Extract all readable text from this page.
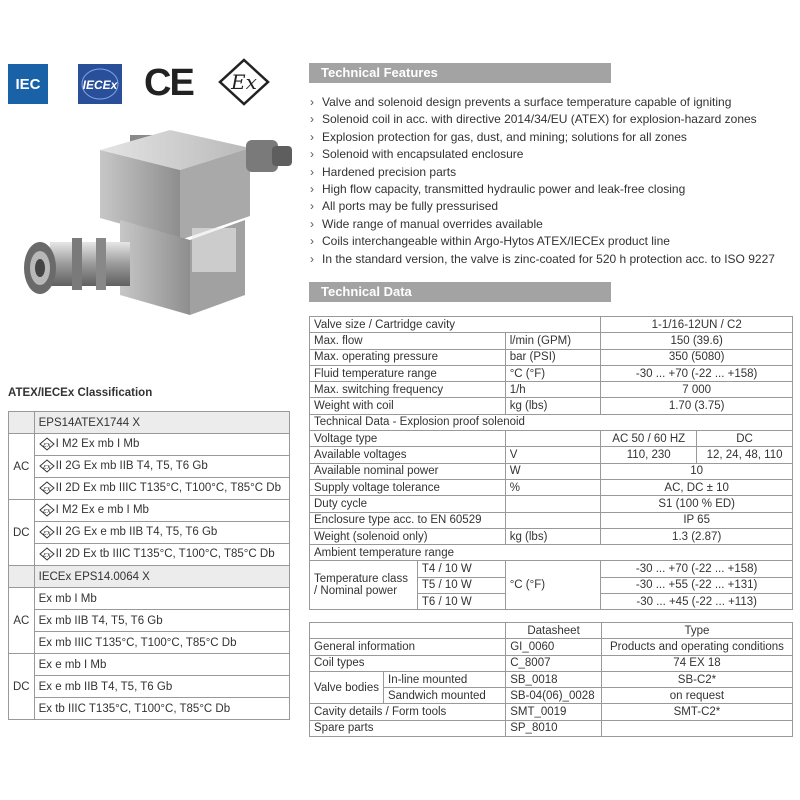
IEC	IECEx CE Ex	Technical Features
› Valve and solenoid design prevents a surface temperature capable of igniting
› Solenoid coil in acc. with directive 2014/34/EU (ATEX) for explosion-hazard zones
› Explosion protection for gas, dust, and mining; solutions for all zones
› Solenoid with encapsulated enclosure
› Hardened precision parts
› High flow capacity, transmitted hydraulic power and leak-free closing
› All ports may be fully pressurised
› Wide range of manual overrides available
› Coils interchangeable within Argo-Hytos ATEX/IECEx product line
› In the standard version, the valve is zinc-coated for 520 h protection acc. to ISO 9227
Technical Data
Valve size / Cartridge cavity			1-1/16-12UN / C2	
Max. flow		l/min (GPM)	150 (39.6)	
Max. operating pressure		bar (PSI)	350 (5080)	
Fluid temperature range		°C (°F)	-30 ... +70 (-22 ... +158)	
Max. switching frequency		1/h	7 000	
Weight with coil		kg (lbs)	1.70 (3.75)	
Technical Data - Explosion proof solenoid				
Voltage type			AC 50 / 60 HZ	DC
Available voltages		V	110, 230	12, 24, 48, 110
Available nominal power		W	10	
Supply voltage tolerance		%	AC, DC ± 10	
Duty cycle			S1 (100 % ED)	
Enclosure type acc. to EN 60529			IP 65	
Weight (solenoid only)		kg (lbs)	1.3 (2.87)	
Ambient temperature range				
Temperature class / Nominal power	T4 / 10 W	°C (°F)	-30 ... +70 (-22 ... +158)	
	T5 / 10 W		-30 ... +55 (-22 ... +131)	
	T6 / 10 W		-30 ... +45 (-22 ... +113)	
		Datasheet	Type
General information		GI_0060	Products and operating conditions
Coil types		C_8007	74 EX 18
Valve bodies	In-line mounted	SB_0018	SB-C2*
	Sandwich mounted	SB-04(06)_0028	on request
Cavity details / Form tools		SMT_0019	SMT-C2*
Spare parts		SP_8010	
ATEX/IECEx Classification
	EPS14ATEX1744 X
AC	εx I M2 Ex mb I Mb

εx II 2G Ex mb IIB T4, T5, T6 Gb

εx II 2D Ex mb IIIC T135°C, T100°C, T85°C Db
DC	εx I M2 Ex e mb I Mb

εx II 2G Ex e mb IIB T4, T5, T6 Gb

εx II 2D Ex tb IIIC T135°C, T100°C, T85°C Db
	IECEx EPS14.0064 X
AC	Ex mb I Mb
	Ex mb IIB T4, T5, T6 Gb
	Ex mb IIIC T135°C, T100°C, T85°C Db
DC	Ex e mb I Mb
	Ex e mb IIB T4, T5, T6 Gb
	Ex tb IIIC T135°C, T100°C, T85°C Db
